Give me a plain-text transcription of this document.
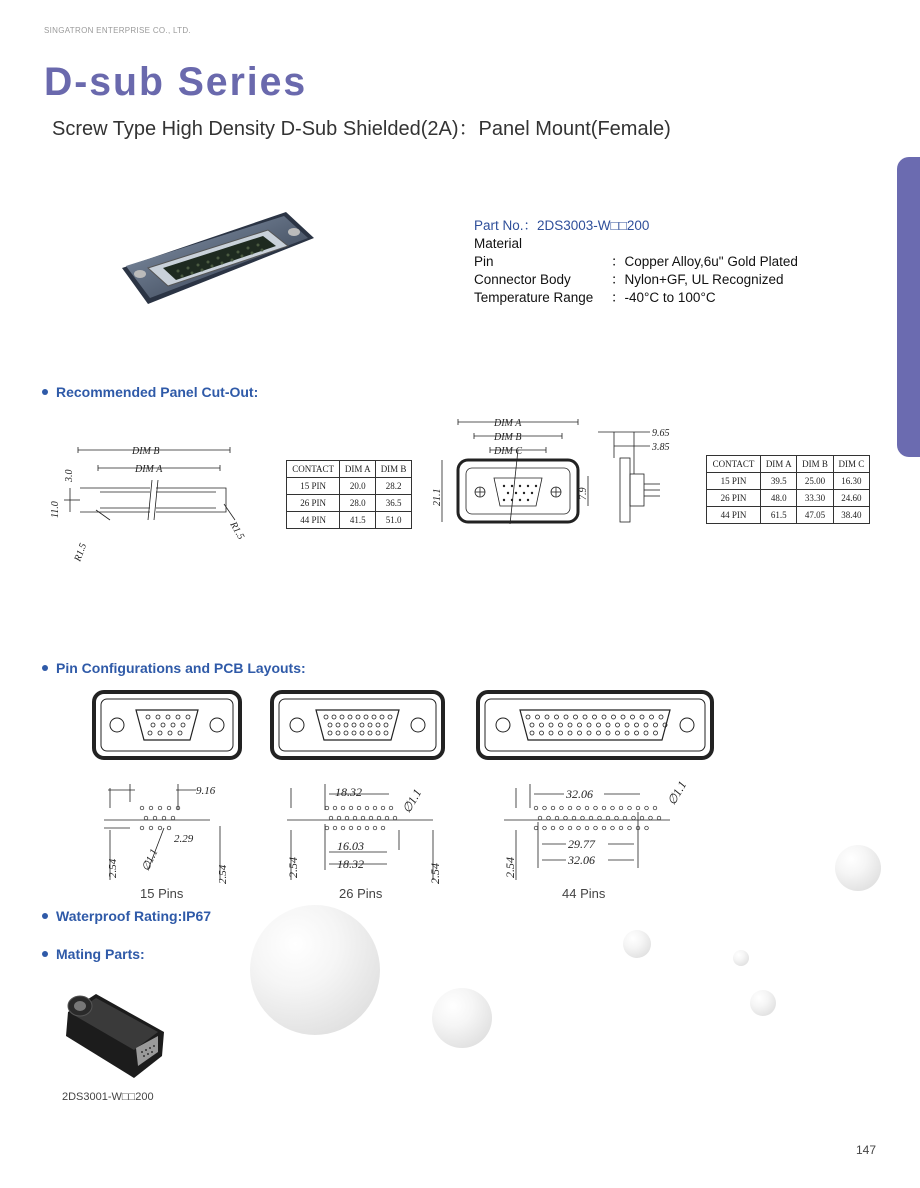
SINGATRON ENTERPRISE CO., LTD.
D-sub Series
Screw Type High Density D-Sub Shielded(2A)：Panel Mount(Female)
Part No.：2DS3003-W□□200
Material
Pin	：Copper Alloy,6u" Gold Plated
Connector Body	：Nylon+GF, UL Recognized
Temperature Range	：-40°C to 100°C
Recommended Panel Cut-Out:
Pin Configurations and PCB Layouts:
Waterproof Rating:IP67
Mating Parts:
DIM B
DIM A
3.0
11.0
R1.5
R1.5
CONTACT	DIM A	DIM B
15 PIN	20.0	28.2
26 PIN	28.0	36.5
44 PIN	41.5	51.0
DIM A
DIM B
DIM C
21.1	7.9
9.65
3.85
CONTACT	DIM A	DIM B	DIM C
15 PIN	39.5	25.00	16.30
26 PIN	48.0	33.30	24.60
44 PIN	61.5	47.05	38.40
9.16
2.29
∅1.1
2.54	2.54
18.32
16.03
18.32
∅1.1
2.54	2.54
32.06
29.77
32.06
∅1.1
2.54
15 Pins	26 Pins	44 Pins
2DS3001-W□□200
147
